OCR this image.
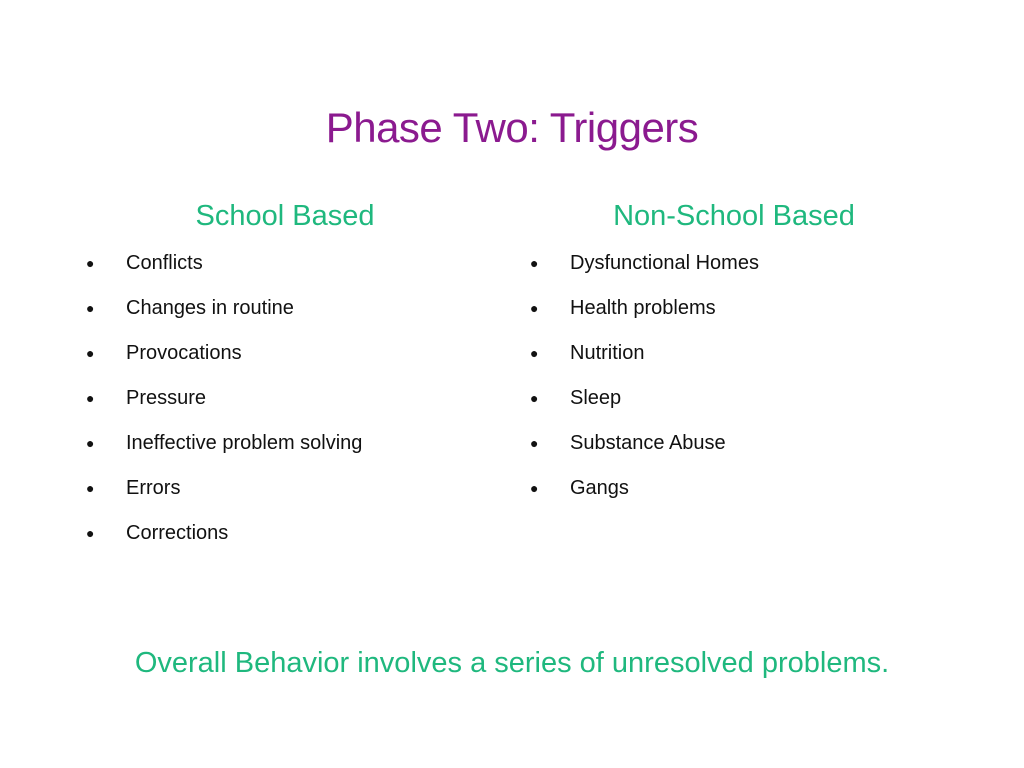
Phase Two: Triggers
School Based
● Conflicts
● Changes in routine
● Provocations
● Pressure
● Ineffective problem solving
● Errors
● Corrections
Non-School Based
● Dysfunctional Homes
● Health problems
● Nutrition
● Sleep
● Substance Abuse
● Gangs
Overall Behavior involves a series of unresolved problems.
